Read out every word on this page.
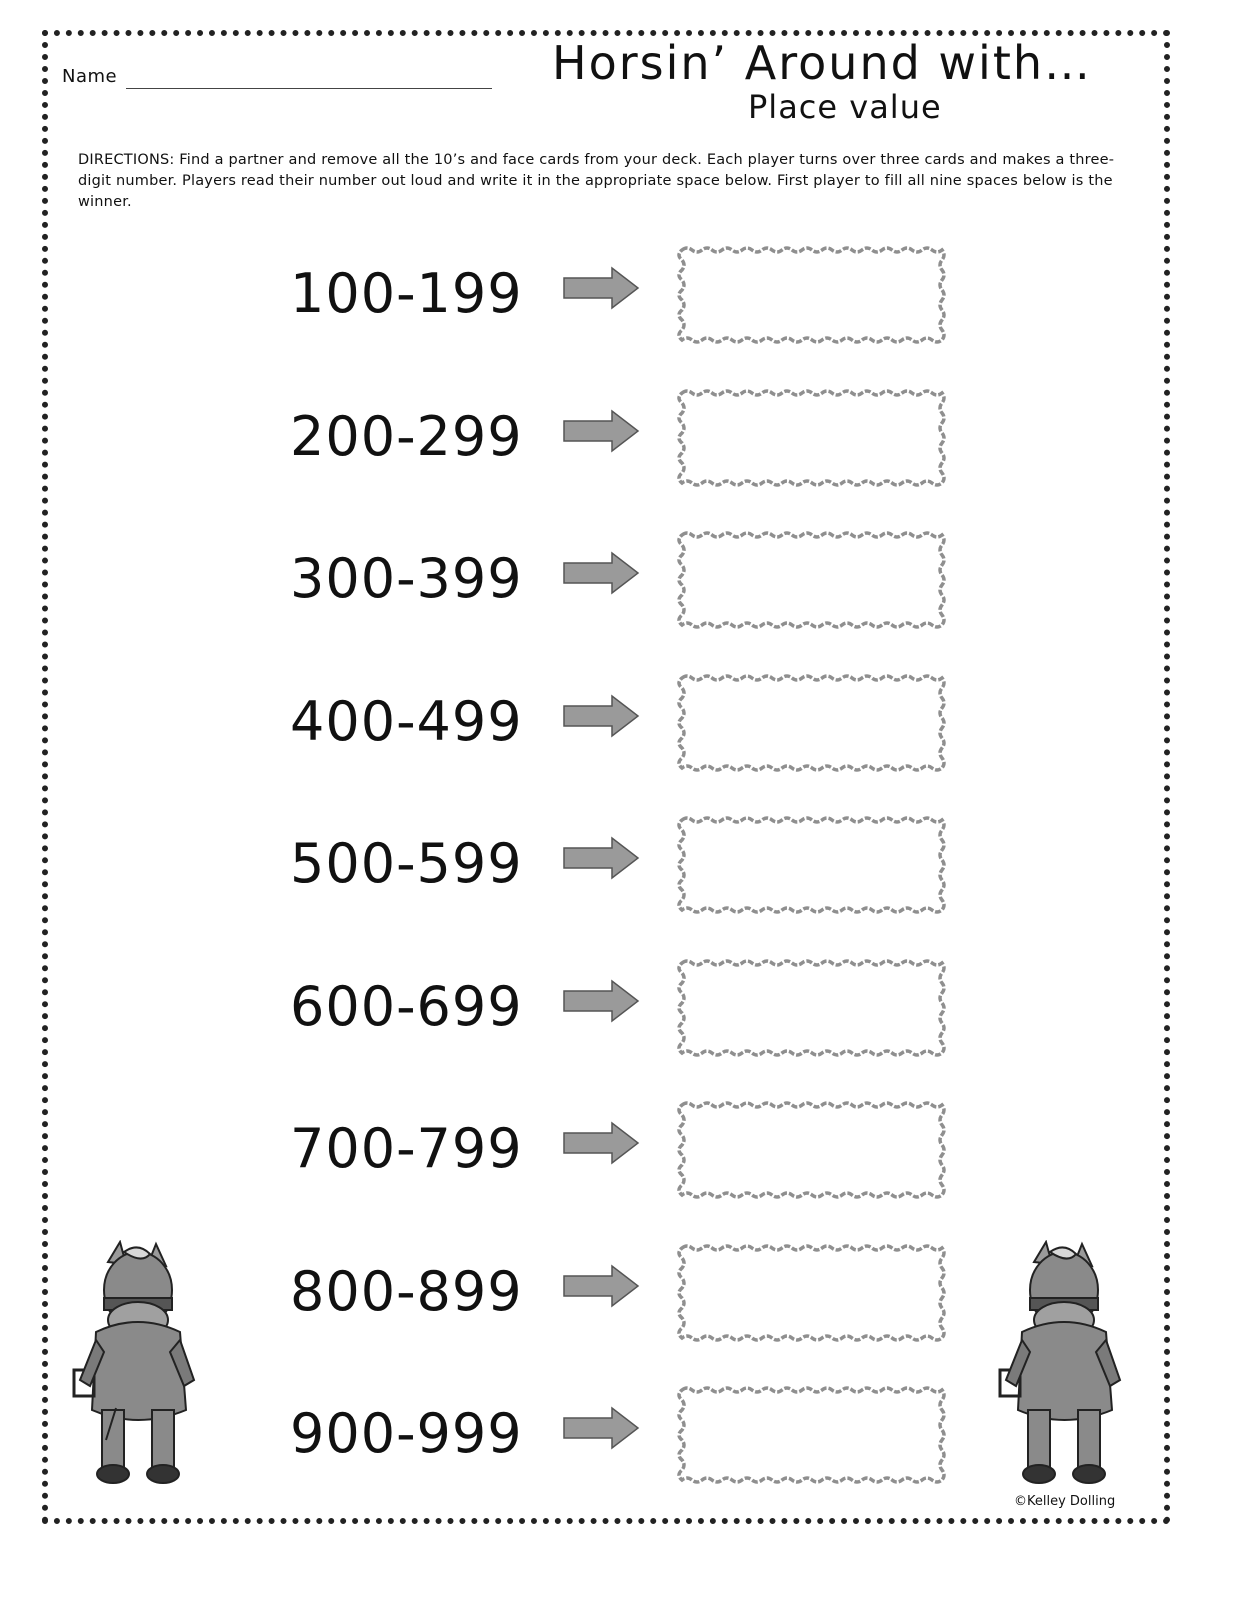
Name	Horsin’ Around with…
Place value
DIRECTIONS: Find a partner and remove all the 10’s and face cards from your deck. Each player turns over three cards and makes a three-digit number. Players read their number out loud and write it in the appropriate space below. First player to fill all nine spaces below is the winner.
100-199
200-299
300-399
400-499
500-599
600-699
700-799
800-899
900-999
©Kelley Dolling
